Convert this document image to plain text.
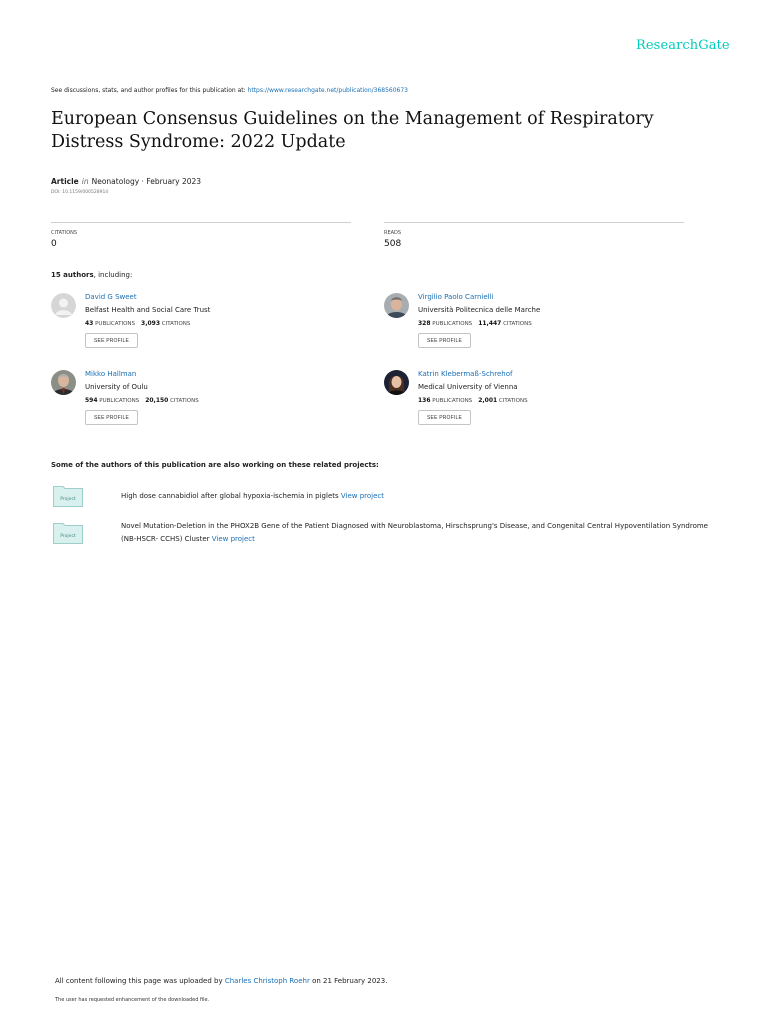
ResearchGate
See discussions, stats, and author profiles for this publication at: https://www.researchgate.net/publication/368560673
European Consensus Guidelines on the Management of Respiratory Distress Syndrome: 2022 Update
Article in Neonatology · February 2023
DOI: 10.1159/000528914
CITATIONS
0
READS
508
15 authors, including:
David G Sweet
Belfast Health and Social Care Trust
43 PUBLICATIONS 3,093 CITATIONS
SEE PROFILE
Virgilio Paolo Carnielli
Università Politecnica delle Marche
328 PUBLICATIONS 11,447 CITATIONS
SEE PROFILE
Mikko Hallman
University of Oulu
594 PUBLICATIONS 20,150 CITATIONS
SEE PROFILE
Katrin Klebermaß-Schrehof
Medical University of Vienna
136 PUBLICATIONS 2,001 CITATIONS
SEE PROFILE
Some of the authors of this publication are also working on these related projects:
Project	High dose cannabidiol after global hypoxia-ischemia in piglets View project
Project
Novel Mutation-Deletion in the PHOX2B Gene of the Patient Diagnosed with Neuroblastoma, Hirschsprung's Disease, and Congenital Central Hypoventilation Syndrome (NB-HSCR- CCHS) Cluster View project
All content following this page was uploaded by Charles Christoph Roehr on 21 February 2023.
The user has requested enhancement of the downloaded file.
